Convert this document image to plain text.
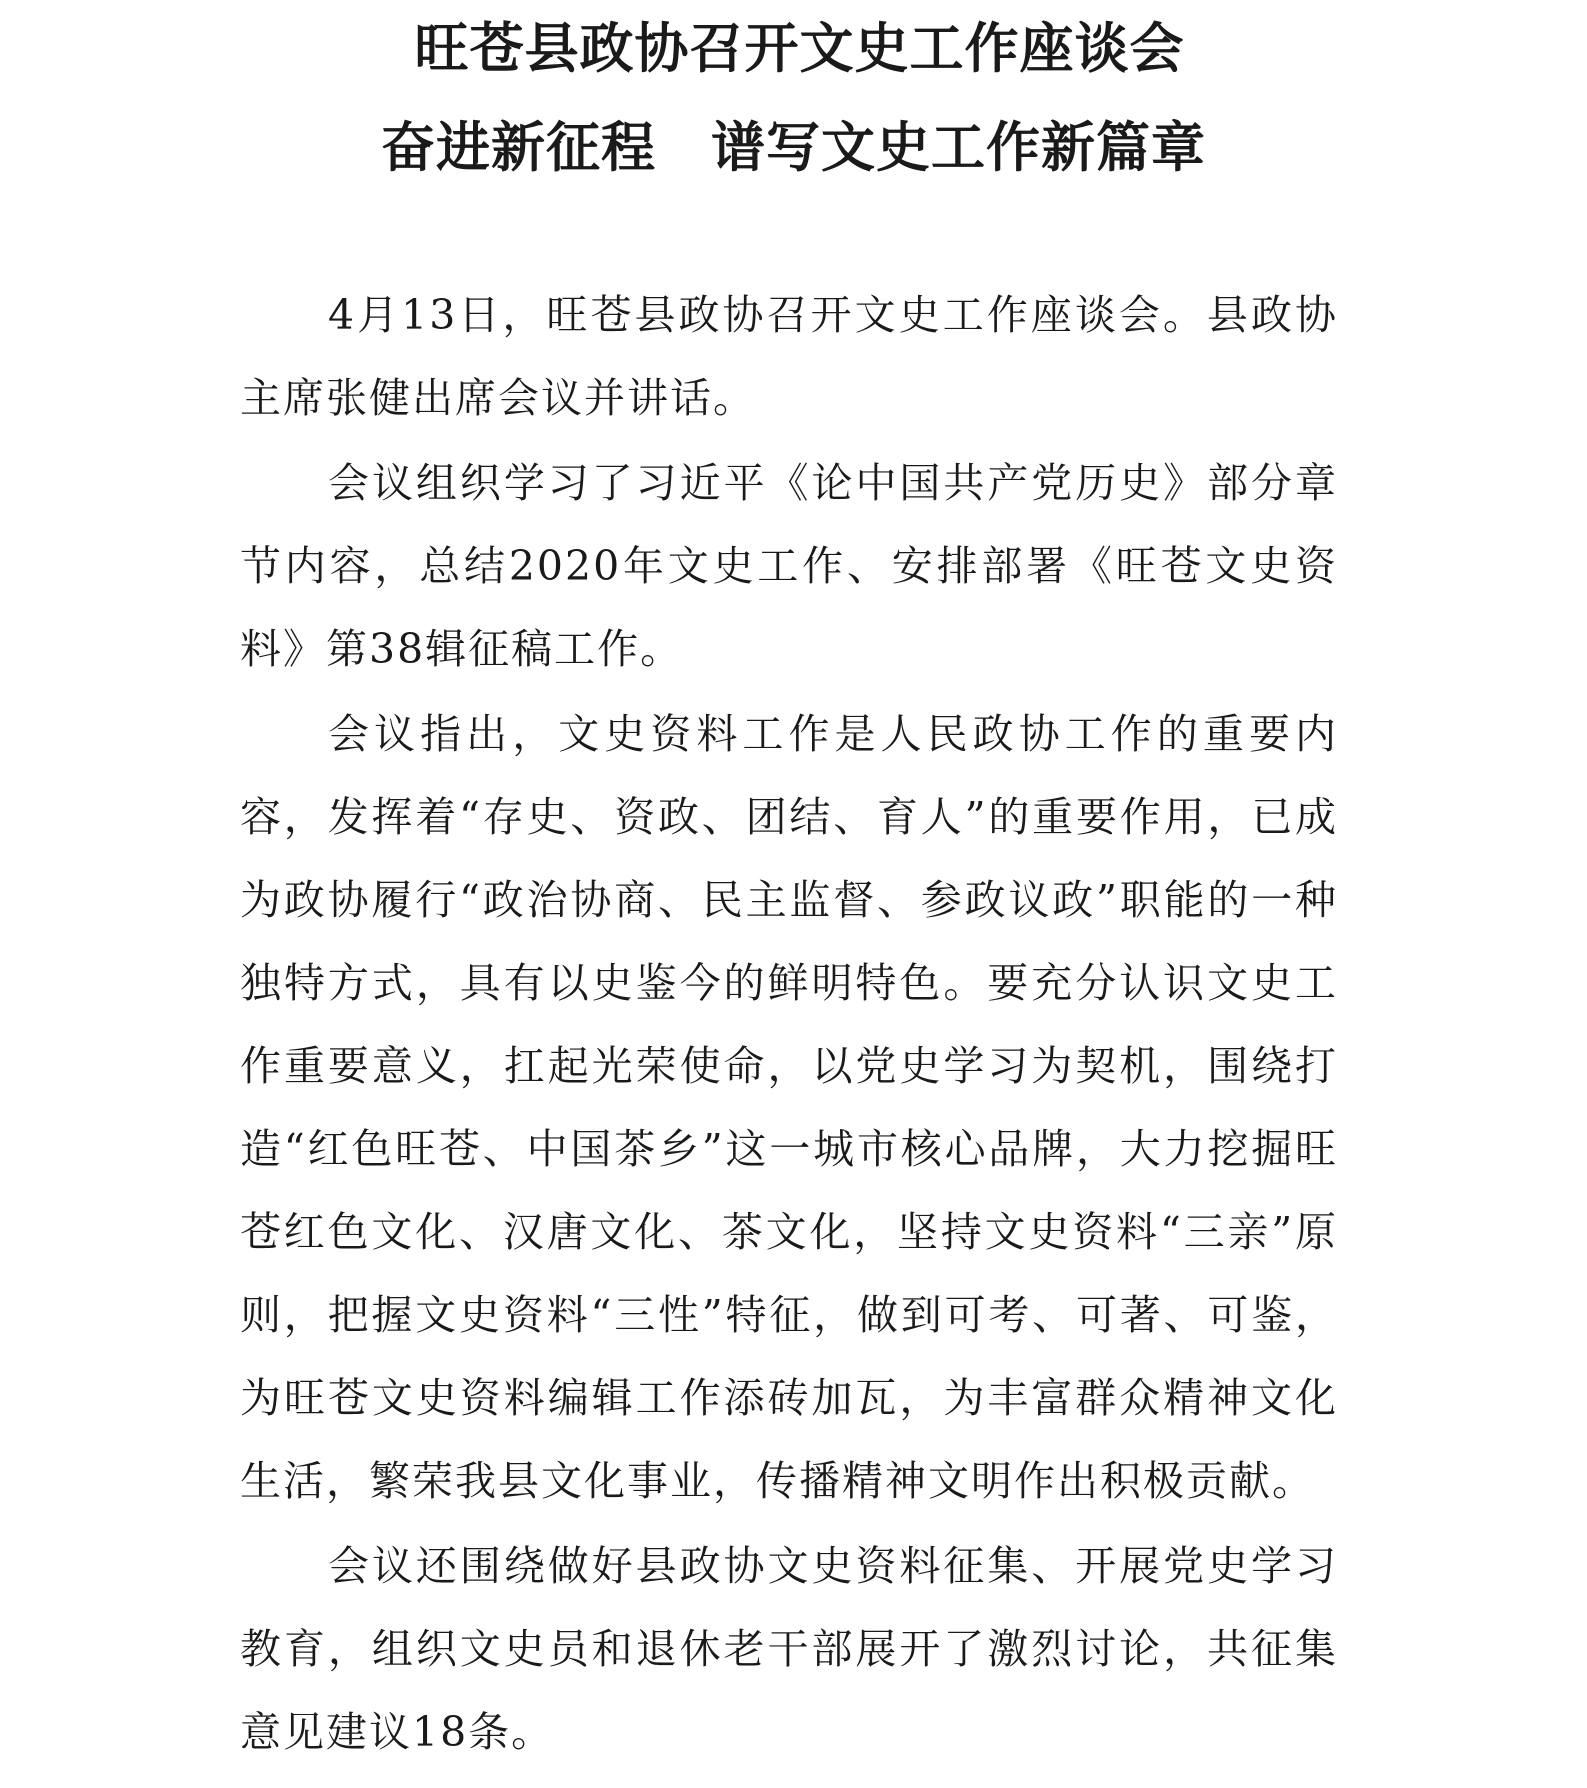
旺苍县政协召开文史工作座谈会
奋进新征程　谱写文史工作新篇章

4月13日，旺苍县政协召开文史工作座谈会。县政协主席张健出席会议并讲话。

会议组织学习了习近平《论中国共产党历史》部分章节内容，总结2020年文史工作、安排部署《旺苍文史资料》第38辑征稿工作。

会议指出，文史资料工作是人民政协工作的重要内容，发挥着“存史、资政、团结、育人”的重要作用，已成为政协履行“政治协商、民主监督、参政议政”职能的一种独特方式，具有以史鉴今的鲜明特色。要充分认识文史工作重要意义，扛起光荣使命，以党史学习为契机，围绕打造“红色旺苍、中国茶乡”这一城市核心品牌，大力挖掘旺苍红色文化、汉唐文化、茶文化，坚持文史资料“三亲”原则，把握文史资料“三性”特征，做到可考、可著、可鉴，为旺苍文史资料编辑工作添砖加瓦，为丰富群众精神文化生活，繁荣我县文化事业，传播精神文明作出积极贡献。

会议还围绕做好县政协文史资料征集、开展党史学习教育，组织文史员和退休老干部展开了激烈讨论，共征集意见建议18条。
